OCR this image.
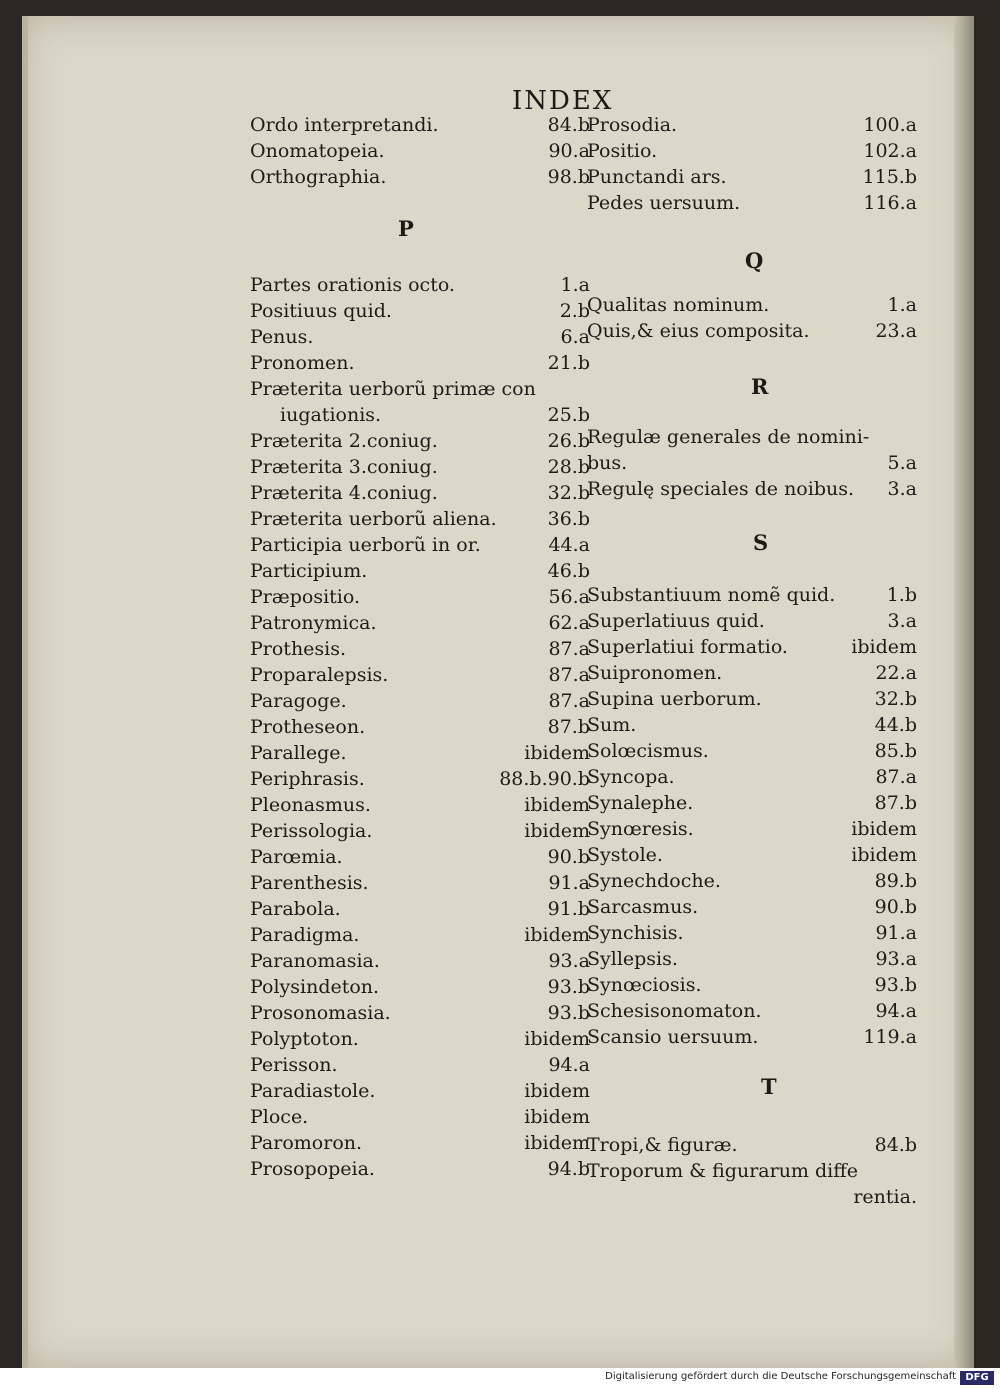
INDEX
P
Ordo interpretandi.	84.b
Onomatopeia.	90.a
Orthographia.	98.b
Partes orationis octo.	1.a
Positiuus quid.	2.b
Penus.	6.a
Pronomen.	21.b
Præterita uerborũ primæ con
iugationis.	25.b
Præterita 2.coniug.	26.b
Præterita 3.coniug.	28.b
Præterita 4.coniug.	32.b
Præterita uerborũ aliena.	36.b
Participia uerborũ in or.	44.a
Participium.	46.b
Præpositio.	56.a
Patronymica.	62.a
Prothesis.	87.a
Proparalepsis.	87.a
Paragoge.	87.a
Protheseon.	87.b
Parallege.	ibidem
Periphrasis.	88.b.90.b
Pleonasmus.	ibidem
Perissologia.	ibidem
Parœmia.	90.b
Parenthesis.	91.a
Parabola.	91.b
Paradigma.	ibidem
Paranomasia.	93.a
Polysindeton.	93.b
Prosonomasia.	93.b
Polyptoton.	ibidem
Perisson.	94.a
Paradiastole.	ibidem
Ploce.	ibidem
Paromoron.	ibidem
Prosopopeia.	94.b
Q
R
S
T
Prosodia.	100.a
Positio.	102.a
Punctandi ars.	115.b
Pedes uersuum.	116.a
Qualitas nominum.	1.a
Quis,& eius composita.	23.a
Regulæ generales de nomini-
bus.	5.a
Regulę speciales de noibus. 3.a
Substantiuum nomẽ quid.	1.b
Superlatiuus quid.	3.a
Superlatiui formatio.	ibidem
Suipronomen.	22.a
Supina uerborum.	32.b
Sum.	44.b
Solœcismus.	85.b
Syncopa.	87.a
Synalephe.	87.b
Synœresis.	ibidem
Systole.	ibidem
Synechdoche.	89.b
Sarcasmus.	90.b
Synchisis.	91.a
Syllepsis.	93.a
Synœciosis.	93.b
Schesisonomaton.	94.a
Scansio uersuum.	119.a
Tropi,& figuræ.	84.b
Troporum & figurarum diffe
rentia.
Digitalisierung gefördert durch die Deutsche Forschungsgemeinschaft DFG
